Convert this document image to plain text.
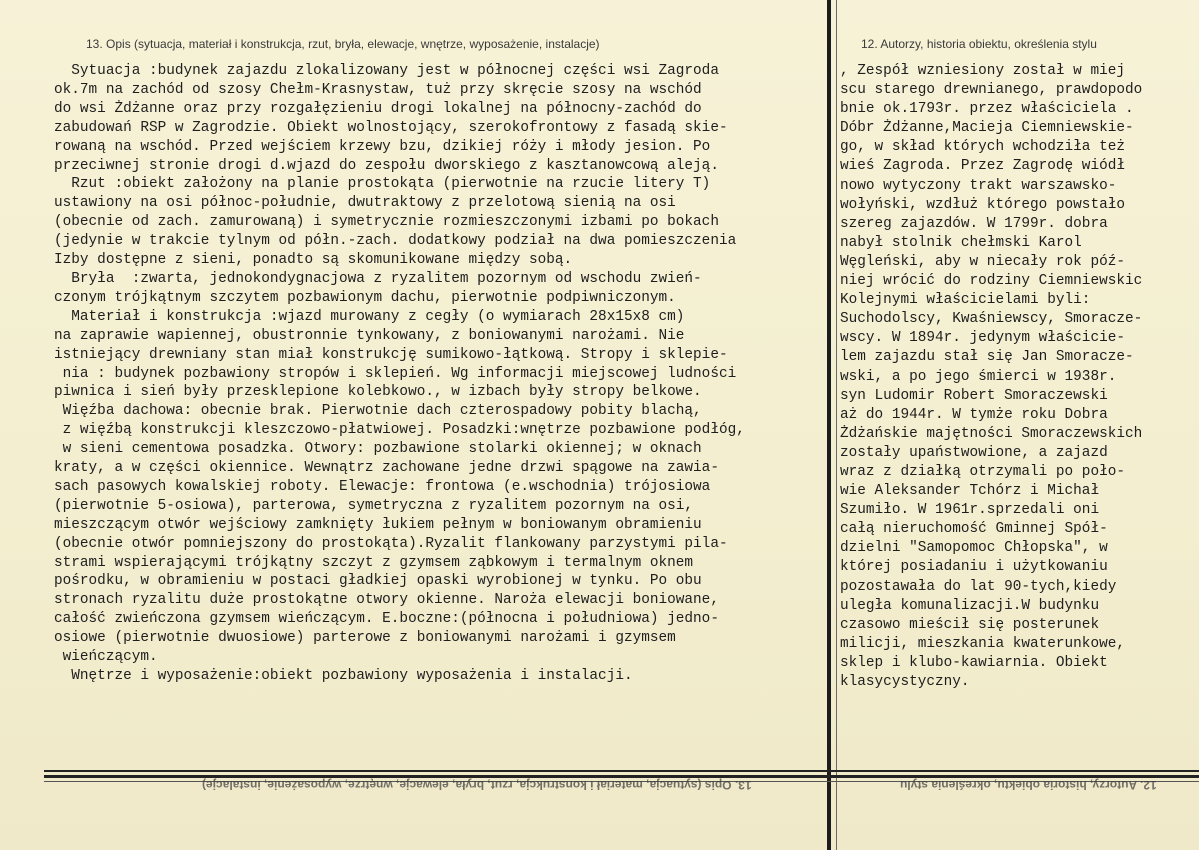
13. Opis (sytuacja, materiał i konstrukcja, rzut, bryła, elewacje, wnętrze, wyposażenie, instalacje)	12. Autorzy, historia obiektu, określenia stylu
Sytuacja :budynek zajazdu zlokalizowany jest w północnej części wsi Zagroda
ok.7m na zachód od szosy Chełm-Krasnystaw, tuż przy skręcie szosy na wschód
do wsi Żdżanne oraz przy rozgałęzieniu drogi lokalnej na północny-zachód do
zabudowań RSP w Zagrodzie. Obiekt wolnostojący, szerokofrontowy z fasadą skie-
rowaną na wschód. Przed wejściem krzewy bzu, dzikiej róży i młody jesion. Po
przeciwnej stronie drogi d.wjazd do zespołu dworskiego z kasztanowcową aleją.
Rzut :obiekt założony na planie prostokąta (pierwotnie na rzucie litery T)
ustawiony na osi północ-południe, dwutraktowy z przelotową sienią na osi
(obecnie od zach. zamurowaną) i symetrycznie rozmieszczonymi izbami po bokach
(jedynie w trakcie tylnym od półn.-zach. dodatkowy podział na dwa pomieszczenia
Izby dostępne z sieni, ponadto są skomunikowane między sobą.
Bryła  :zwarta, jednokondygnacjowa z ryzalitem pozornym od wschodu zwień-
czonym trójkątnym szczytem pozbawionym dachu, pierwotnie podpiwniczonym.
Materiał i konstrukcja :wjazd murowany z cegły (o wymiarach 28x15x8 cm)
na zaprawie wapiennej, obustronnie tynkowany, z boniowanymi narożami. Nie
istniejący drewniany stan miał konstrukcję sumikowo-łątkową. Stropy i sklepie-
nia : budynek pozbawiony stropów i sklepień. Wg informacji miejscowej ludności
piwnica i sień były przesklepione kolebkowo., w izbach były stropy belkowe.
Więźba dachowa: obecnie brak. Pierwotnie dach czterospadowy pobity blachą,
z więźbą konstrukcji kleszczowo-płatwiowej. Posadzki:wnętrze pozbawione podłóg,
w sieni cementowa posadzka. Otwory: pozbawione stolarki okiennej; w oknach
kraty, a w części okiennice. Wewnątrz zachowane jedne drzwi spągowe na zawia-
sach pasowych kowalskiej roboty. Elewacje: frontowa (e.wschodnia) trójosiowa
(pierwotnie 5-osiowa), parterowa, symetryczna z ryzalitem pozornym na osi,
mieszczącym otwór wejściowy zamknięty łukiem pełnym w boniowanym obramieniu
(obecnie otwór pomniejszony do prostokąta).Ryzalit flankowany parzystymi pila-
strami wspierającymi trójkątny szczyt z gzymsem ząbkowym i termalnym oknem
pośrodku, w obramieniu w postaci gładkiej opaski wyrobionej w tynku. Po obu
stronach ryzalitu duże prostokątne otwory okienne. Naroża elewacji boniowane,
całość zwieńczona gzymsem wieńczącym. E.boczne:(północna i południowa) jedno-
osiowe (pierwotnie dwuosiowe) parterowe z boniowanymi narożami i gzymsem
wieńczącym.
Wnętrze i wyposażenie:obiekt pozbawiony wyposażenia i instalacji.
, Zespół wzniesiony został w miej
scu starego drewnianego, prawdopodo
bnie ok.1793r. przez właściciela .
Dóbr Żdżanne,Macieja Ciemniewskie-
go, w skład których wchodziła też
wieś Zagroda. Przez Zagrodę wiódł
nowo wytyczony trakt warszawsko-
wołyński, wzdłuż którego powstało
szereg zajazdów. W 1799r. dobra
nabył stolnik chełmski Karol
Węgleński, aby w niecały rok póź-
niej wrócić do rodziny Ciemniewskic
Kolejnymi właścicielami byli:
Suchodolscy, Kwaśniewscy, Smoracze-
wscy. W 1894r. jedynym właścicie-
lem zajazdu stał się Jan Smoracze-
wski, a po jego śmierci w 1938r.
syn Ludomir Robert Smoraczewski
aż do 1944r. W tymże roku Dobra
Żdżańskie majętności Smoraczewskich
zostały upaństwowione, a zajazd
wraz z działką otrzymali po poło-
wie Aleksander Tchórz i Michał
Szumiło. W 1961r.sprzedali oni
całą nieruchomość Gminnej Spół-
dzielni "Samopomoc Chłopska", w
której posiadaniu i użytkowaniu
pozostawała do lat 90-tych,kiedy
uległa komunalizacji.W budynku
czasowo mieścił się posterunek
milicji, mieszkania kwaterunkowe,
sklep i klubo-kawiarnia. Obiekt
klasycystyczny.
13. Opis (sytuacja, materiał i konstrukcja, rzut, bryła, elewacje, wnętrze, wyposażenie, instalacje)	12. Autorzy, historia obiektu, określenia stylu
